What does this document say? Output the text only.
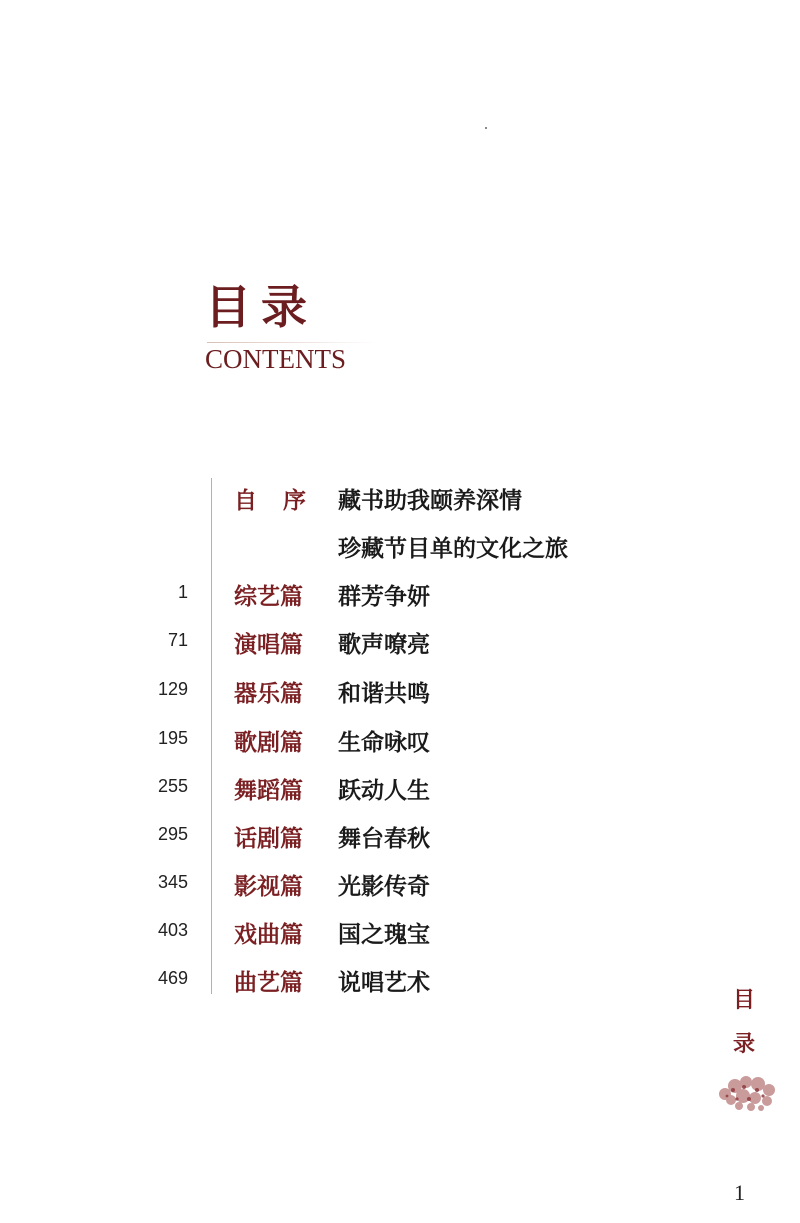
目录
CONTENTS
自序 藏书助我颐养深情
珍藏节目单的文化之旅
1 综艺篇 群芳争妍
71 演唱篇 歌声嘹亮
129 器乐篇 和谐共鸣
195 歌剧篇 生命咏叹
255 舞蹈篇 跃动人生
295 话剧篇 舞台春秋
345 影视篇 光影传奇
403 戏曲篇 国之瑰宝
469 曲艺篇 说唱艺术
目
录
1
